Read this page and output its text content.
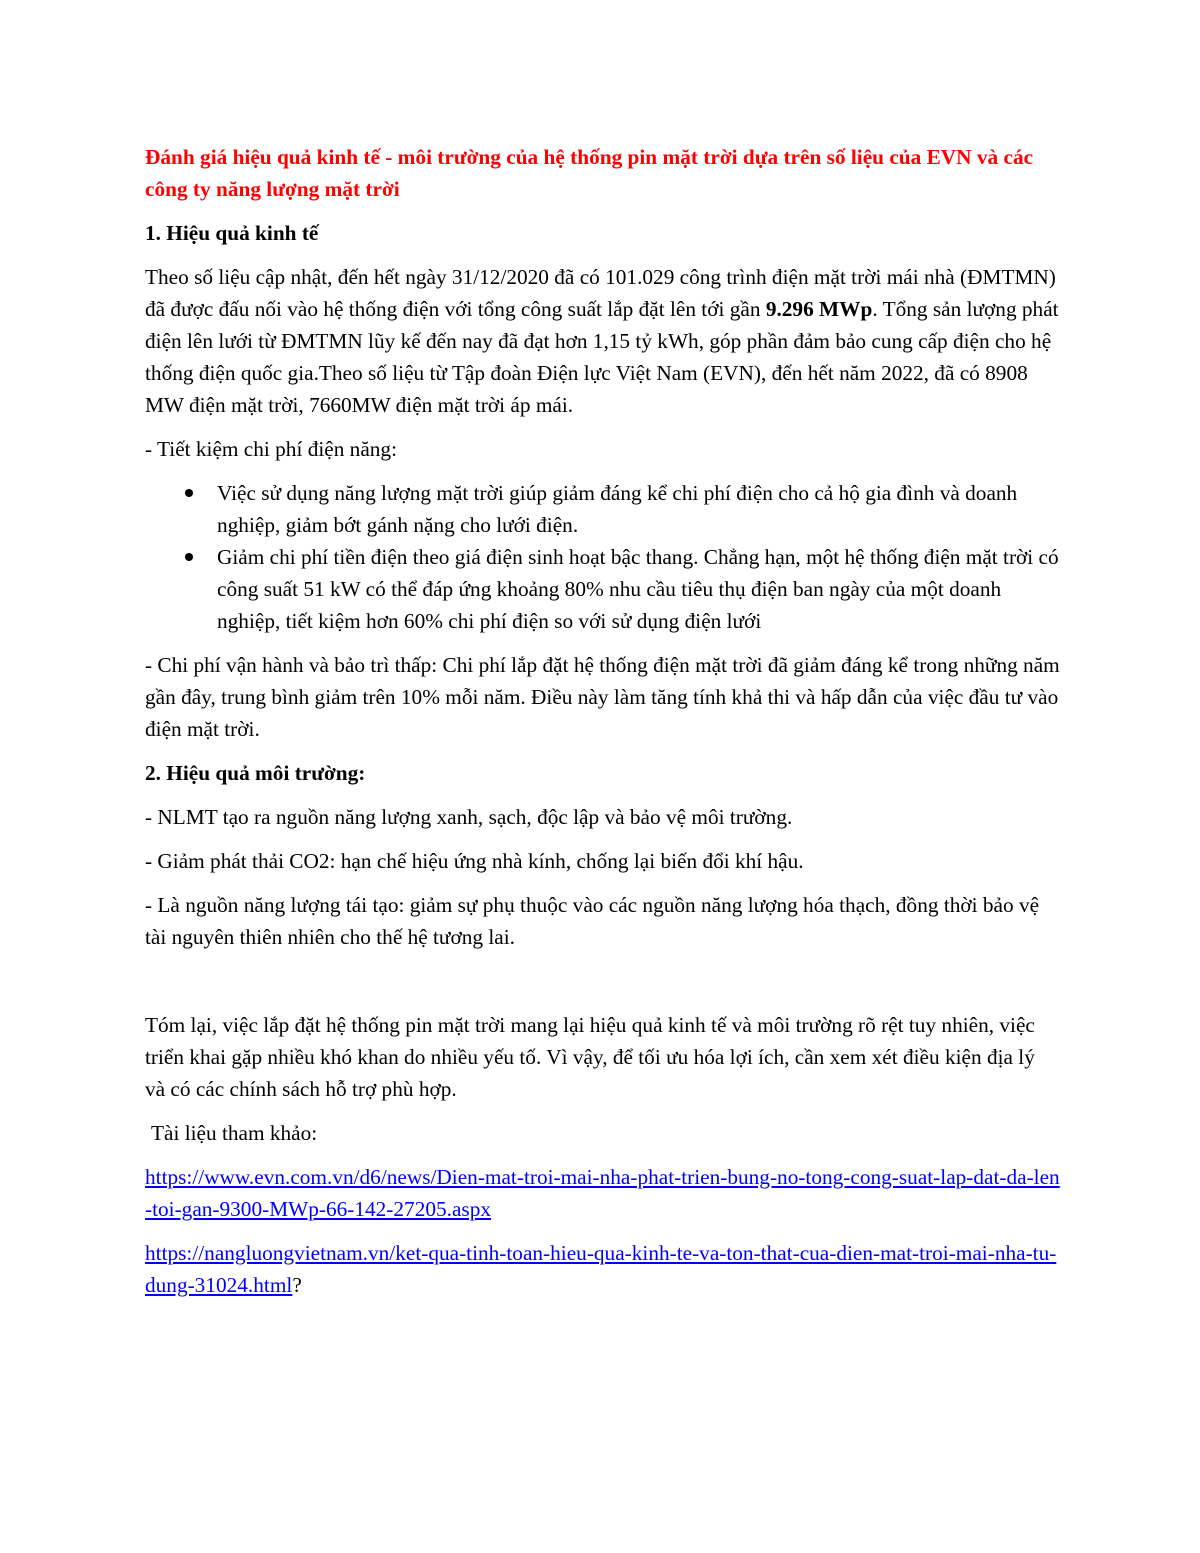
Đánh giá hiệu quả kinh tế - môi trường của hệ thống pin mặt trời dựa trên số liệu của EVN và các công ty năng lượng mặt trời

1. Hiệu quả kinh tế

Theo số liệu cập nhật, đến hết ngày 31/12/2020 đã có 101.029 công trình điện mặt trời mái nhà (ĐMTMN) đã được đấu nối vào hệ thống điện với tổng công suất lắp đặt lên tới gần 9.296 MWp. Tổng sản lượng phát điện lên lưới từ ĐMTMN lũy kế đến nay đã đạt hơn 1,15 tỷ kWh, góp phần đảm bảo cung cấp điện cho hệ thống điện quốc gia.Theo số liệu từ Tập đoàn Điện lực Việt Nam (EVN), đến hết năm 2022, đã có 8908 MW điện mặt trời, 7660MW điện mặt trời áp mái.

- Tiết kiệm chi phí điện năng:

Việc sử dụng năng lượng mặt trời giúp giảm đáng kể chi phí điện cho cả hộ gia đình và doanh nghiệp, giảm bớt gánh nặng cho lưới điện.
Giảm chi phí tiền điện theo giá điện sinh hoạt bậc thang. Chẳng hạn, một hệ thống điện mặt trời có công suất 51 kW có thể đáp ứng khoảng 80% nhu cầu tiêu thụ điện ban ngày của một doanh nghiệp, tiết kiệm hơn 60% chi phí điện so với sử dụng điện lưới

- Chi phí vận hành và bảo trì thấp: Chi phí lắp đặt hệ thống điện mặt trời đã giảm đáng kể trong những năm gần đây, trung bình giảm trên 10% mỗi năm. Điều này làm tăng tính khả thi và hấp dẫn của việc đầu tư vào điện mặt trời.

2. Hiệu quả môi trường:

- NLMT tạo ra nguồn năng lượng xanh, sạch, độc lập và bảo vệ môi trường.

- Giảm phát thải CO2: hạn chế hiệu ứng nhà kính, chống lại biến đổi khí hậu.

- Là nguồn năng lượng tái tạo: giảm sự phụ thuộc vào các nguồn năng lượng hóa thạch, đồng thời bảo vệ tài nguyên thiên nhiên cho thế hệ tương lai.

Tóm lại, việc lắp đặt hệ thống pin mặt trời mang lại hiệu quả kinh tế và môi trường rõ rệt tuy nhiên, việc triển khai gặp nhiều khó khan do nhiều yếu tố. Vì vậy, để tối ưu hóa lợi ích, cần xem xét điều kiện địa lý và có các chính sách hỗ trợ phù hợp.

Tài liệu tham khảo:

https://www.evn.com.vn/d6/news/Dien-mat-troi-mai-nha-phat-trien-bung-no-tong-cong-suat-lap-dat-da-len-toi-gan-9300-MWp-66-142-27205.aspx

https://nangluongvietnam.vn/ket-qua-tinh-toan-hieu-qua-kinh-te-va-ton-that-cua-dien-mat-troi-mai-nha-tu-dung-31024.html?
